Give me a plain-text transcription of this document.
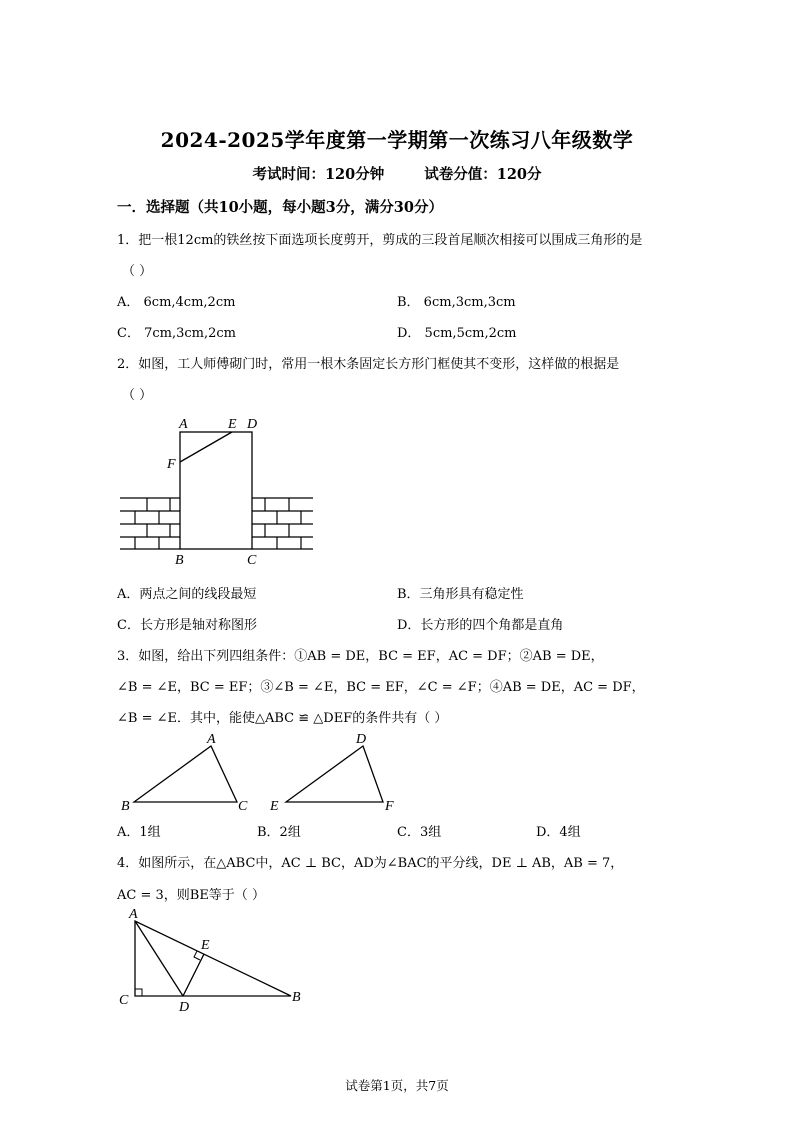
2024-2025学年度第一学期第一次练习八年级数学
考试时间：120分钟	试卷分值：120分
一．选择题（共10小题，每小题3分，满分30分）
1．把一根12cm的铁丝按下面选项长度剪开，剪成的三段首尾顺次相接可以围成三角形的是
（ ）
A． 6cm,4cm,2cm	B． 6cm,3cm,3cm
C． 7cm,3cm,2cm	D． 5cm,5cm,2cm
2．如图，工人师傅砌门时，常用一根木条固定长方形门框使其不变形，这样做的根据是
（ ）
A	E D
F
B	C
A．两点之间的线段最短	B．三角形具有稳定性
C．长方形是轴对称图形	D．长方形的四个角都是直角
3．如图，给出下列四组条件：①AB = DE，BC = EF，AC = DF；②AB = DE，
∠B = ∠E，BC = EF；③∠B = ∠E，BC = EF，∠C = ∠F；④AB = DE，AC = DF，
∠B = ∠E．其中，能使△ABC ≌ △DEF的条件共有（ ）
A
B	C
D
E	F
A．1组	B．2组	C．3组	D．4组
4．如图所示，在△ABC中，AC ⊥ BC，AD为∠BAC的平分线，DE ⊥ AB，AB = 7，
AC = 3，则BE等于（ ）
A
E
C	D
B
试卷第1页，共7页
